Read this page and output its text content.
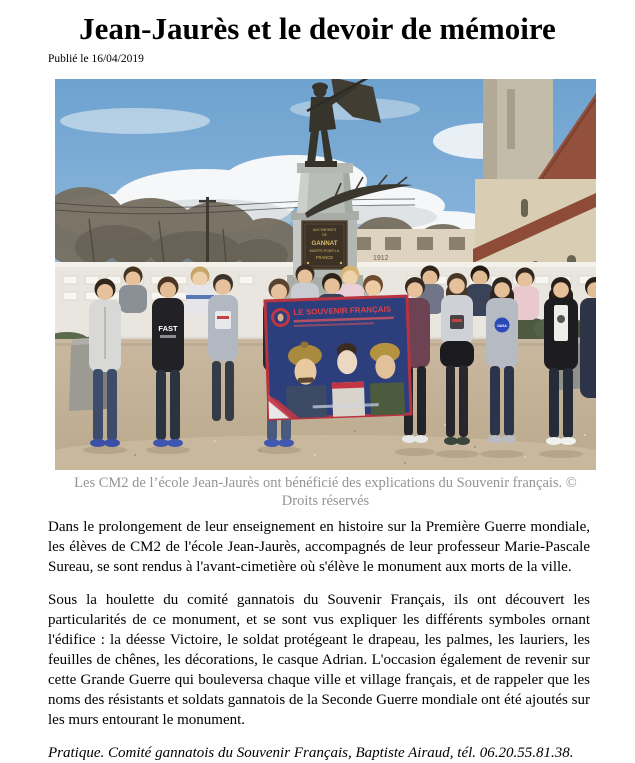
Jean-Jaurès et le devoir de mémoire
Publié le 16/04/2019
1912
AUX ENFANTS
DE
GANNAT
MORTS POUR LA
FRANCE
FAST
LE SOUVENIR FRANÇAIS
NASA
Les CM2 de l’école Jean-Jaurès ont bénéficié des explications du Souvenir français. © Droits réservés

Dans le prolongement de leur enseignement en histoire sur la Première Guerre mondiale, les élèves de CM2 de l'école Jean-Jaurès, accompagnés de leur professeur Marie-Pascale Sureau, se sont rendus à l'avant-cimetière où s'élève le monument aux morts de la ville.

Sous la houlette du comité gannatois du Souvenir Français, ils ont découvert les particularités de ce monument, et se sont vus expliquer les différents symboles ornant l'édifice : la déesse Victoire, le soldat protégeant le drapeau, les palmes, les lauriers, les feuilles de chênes, les décorations, le casque Adrian. L'occasion également de revenir sur cette Grande Guerre qui bouleversa chaque ville et village français, et de rappeler que les noms des résistants et soldats gannatois de la Seconde Guerre mondiale ont été ajoutés sur les murs entourant le monument.

Pratique. Comité gannatois du Souvenir Français, Baptiste Airaud, tél. 06.20.55.81.38.
